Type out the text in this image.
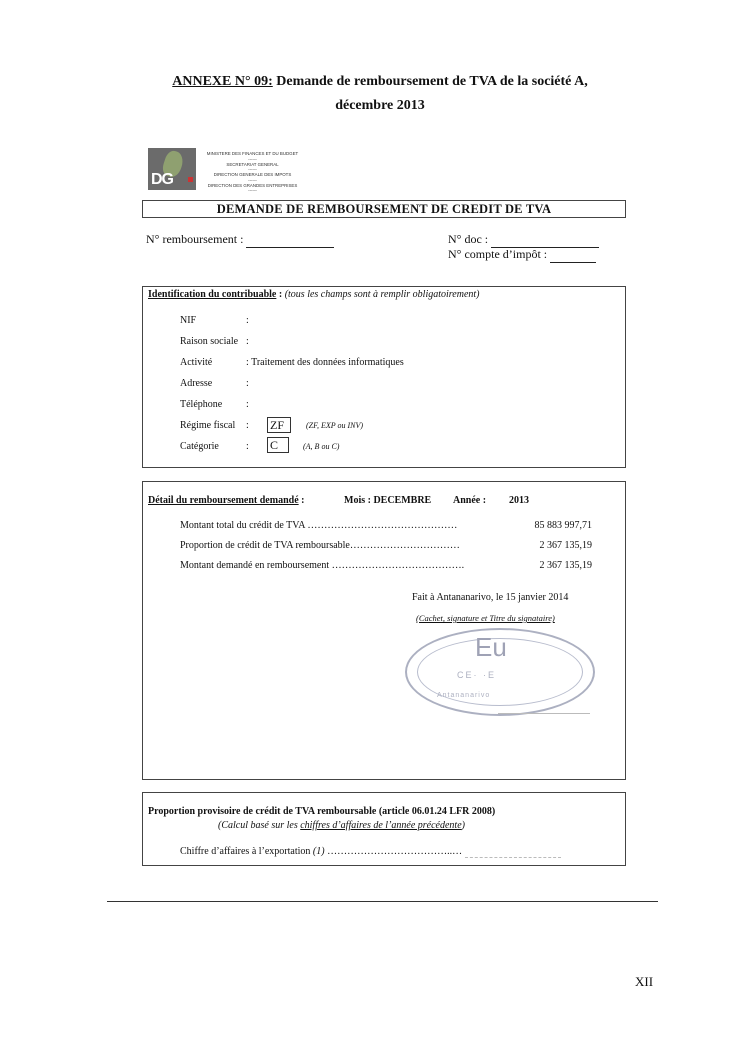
ANNEXE N° 09: Demande de remboursement de TVA de la société A,
décembre 2013
DG
MINISTERE DES FINANCES ET DU BUDGET
------
SECRETARIAT GENERAL
------
DIRECTION GENERALE DES IMPOTS
------
DIRECTION DES GRANDES ENTREPRISES
------
DEMANDE DE REMBOURSEMENT DE CREDIT DE TVA
N° remboursement :	N° doc :
N° compte d’impôt :
Identification du contribuable : (tous les champs sont à remplir obligatoirement)
NIF	:
Raison sociale :
Activité	: Traitement des données informatiques
Adresse	:
Téléphone :
Régime fiscal : ZF	(ZF, EXP ou INV)
Catégorie	: C	(A, B ou C)
Détail du remboursement demandé :	Mois : DECEMBRE Année : 2013
Montant total du crédit de TVA ………………………………………	85 883 997,71
Proportion de crédit de TVA remboursable……………………………	2 367 135,19
Montant demandé en remboursement ………………………………….	2 367 135,19
Fait à Antananarivo, le 15 janvier 2014
(Cachet, signature et Titre du signataire)
Eu
CE· ·E
Antananarivo
Proportion provisoire de crédit de TVA remboursable (article 06.01.24 LFR 2008)
(Calcul basé sur les chiffres d’affaires de l’année précédente)
Chiffre d’affaires à l’exportation (1) ………………………………..…
XII
